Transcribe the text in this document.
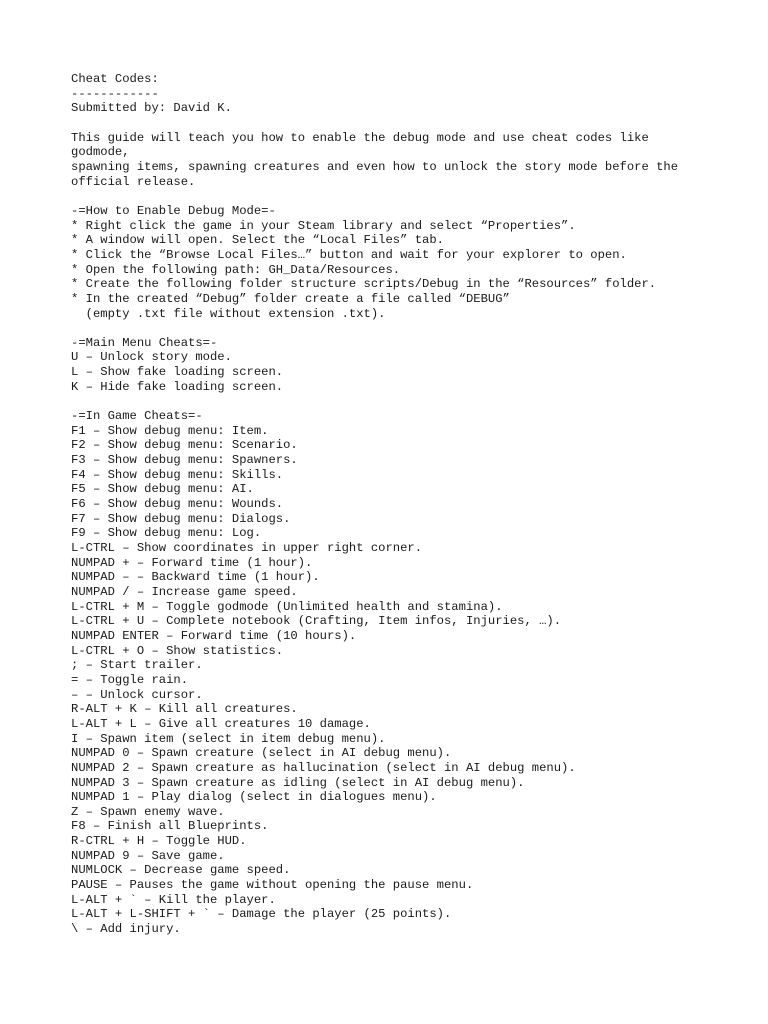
Cheat Codes:
------------
Submitted by: David K.
This guide will teach you how to enable the debug mode and use cheat codes like
godmode,
spawning items, spawning creatures and even how to unlock the story mode before the
official release.
-=How to Enable Debug Mode=-
* Right click the game in your Steam library and select “Properties”.
* A window will open. Select the “Local Files” tab.
* Click the “Browse Local Files…” button and wait for your explorer to open.
* Open the following path: GH_Data/Resources.
* Create the following folder structure scripts/Debug in the “Resources” folder.
* In the created “Debug” folder create a file called “DEBUG”
(empty .txt file without extension .txt).
-=Main Menu Cheats=-
U – Unlock story mode.
L – Show fake loading screen.
K – Hide fake loading screen.
-=In Game Cheats=-
F1 – Show debug menu: Item.
F2 – Show debug menu: Scenario.
F3 – Show debug menu: Spawners.
F4 – Show debug menu: Skills.
F5 – Show debug menu: AI.
F6 – Show debug menu: Wounds.
F7 – Show debug menu: Dialogs.
F9 – Show debug menu: Log.
L-CTRL – Show coordinates in upper right corner.
NUMPAD + – Forward time (1 hour).
NUMPAD – – Backward time (1 hour).
NUMPAD / – Increase game speed.
L-CTRL + M – Toggle godmode (Unlimited health and stamina).
L-CTRL + U – Complete notebook (Crafting, Item infos, Injuries, …).
NUMPAD ENTER – Forward time (10 hours).
L-CTRL + O – Show statistics.
; – Start trailer.
= – Toggle rain.
– – Unlock cursor.
R-ALT + K – Kill all creatures.
L-ALT + L – Give all creatures 10 damage.
I – Spawn item (select in item debug menu).
NUMPAD 0 – Spawn creature (select in AI debug menu).
NUMPAD 2 – Spawn creature as hallucination (select in AI debug menu).
NUMPAD 3 – Spawn creature as idling (select in AI debug menu).
NUMPAD 1 – Play dialog (select in dialogues menu).
Z – Spawn enemy wave.
F8 – Finish all Blueprints.
R-CTRL + H – Toggle HUD.
NUMPAD 9 – Save game.
NUMLOCK – Decrease game speed.
PAUSE – Pauses the game without opening the pause menu.
L-ALT + ` – Kill the player.
L-ALT + L-SHIFT + ` – Damage the player (25 points).
\ – Add injury.
